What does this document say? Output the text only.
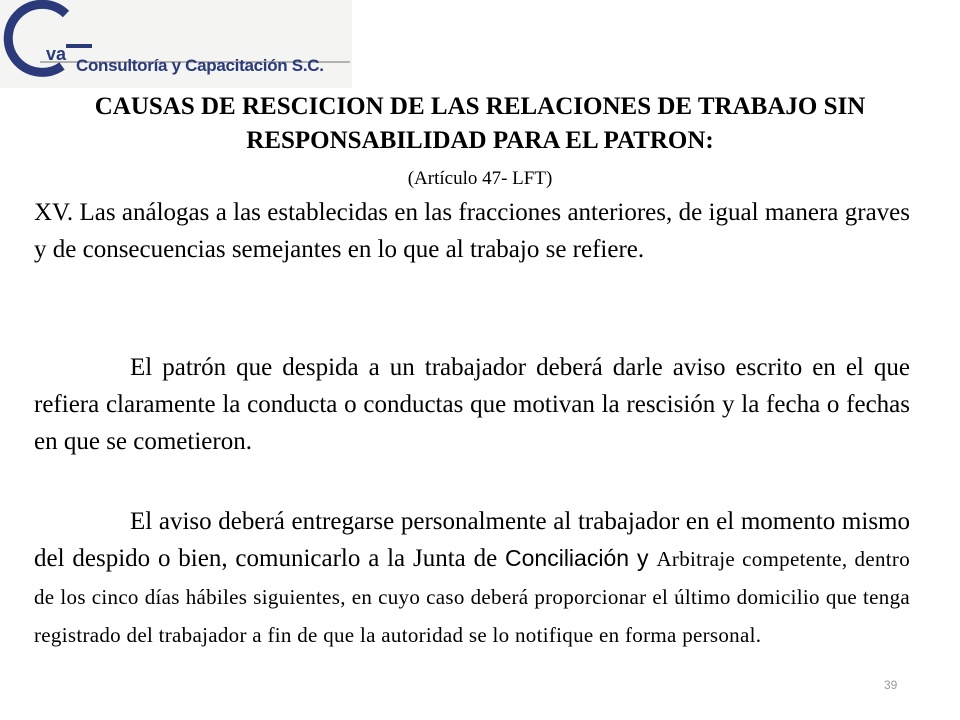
va
Consultoría y Capacitación S.C.
CAUSAS DE RESCICION DE LAS RELACIONES DE TRABAJO SIN RESPONSABILIDAD PARA EL PATRON:
(Artículo 47- LFT)
XV. Las análogas a las establecidas en las fracciones anteriores, de igual manera graves y de consecuencias semejantes en lo que al trabajo se refiere.
El patrón que despida a un trabajador deberá darle aviso escrito en el que refiera claramente la conducta o conductas que motivan la rescisión y la fecha o fechas en que se cometieron.
El aviso deberá entregarse personalmente al trabajador en el momento mismo del despido o bien, comunicarlo a la Junta de Conciliación y Arbitraje competente, dentro de los cinco días hábiles siguientes, en cuyo caso deberá proporcionar el último domicilio que tenga registrado del trabajador a fin de que la autoridad se lo notifique en forma personal.
39
